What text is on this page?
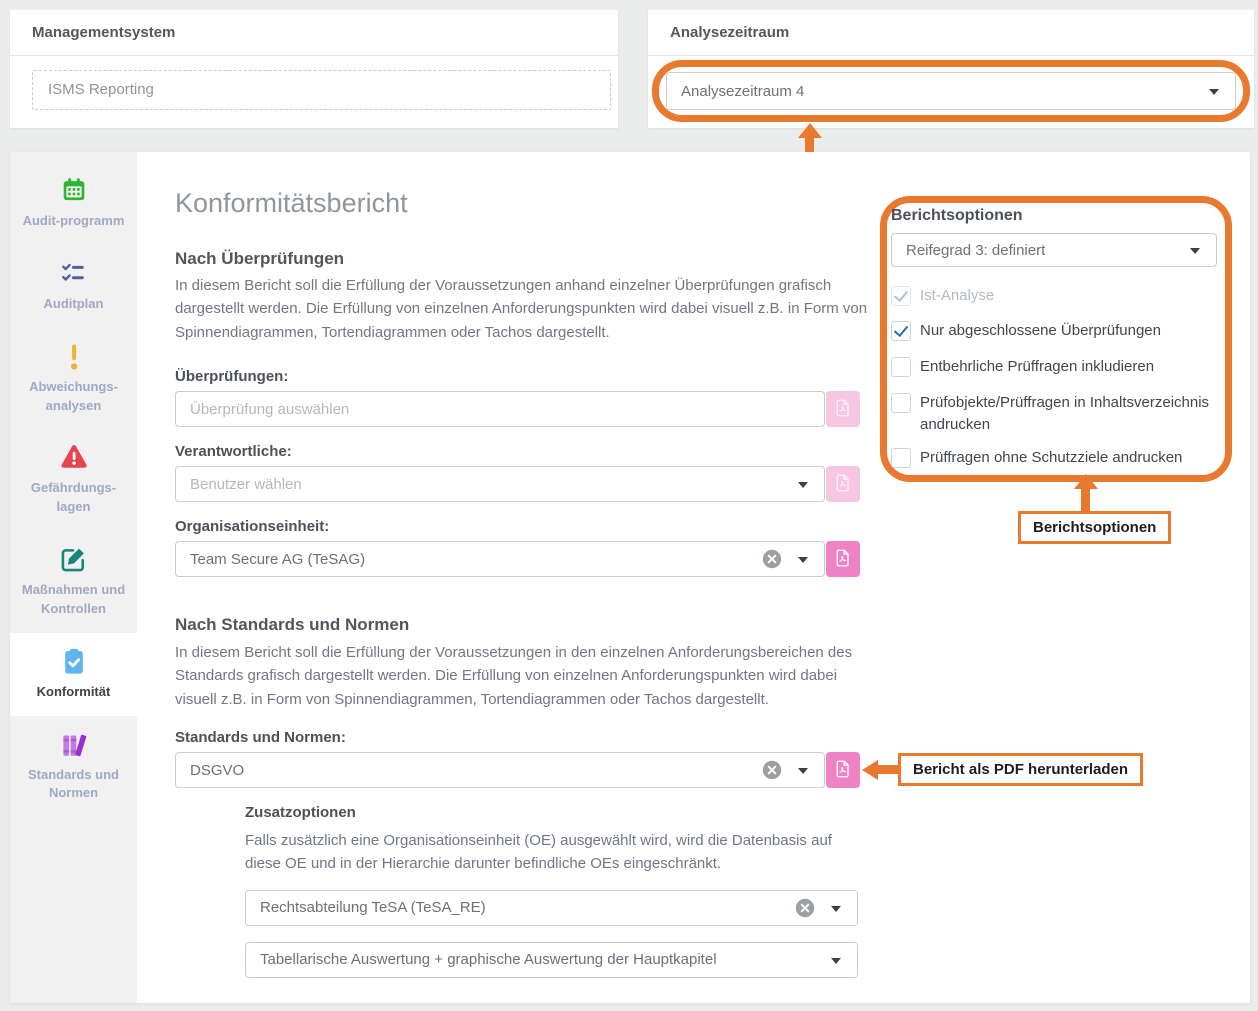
Managementsystem
ISMS Reporting
Analysezeitraum
Analysezeitraum 4
Audit-programm
Auditplan
Abweichungs-analysen
Gefährdungs-lagen
Maßnahmen und Kontrollen
Konformität
Standards und Normen
Konformitätsbericht
Nach Überprüfungen

In diesem Bericht soll die Erfüllung der Voraussetzungen anhand einzelner Überprüfungen grafisch dargestellt werden. Die Erfüllung von einzelnen Anforderungspunkten wird dabei visuell z.B. in Form von Spinnendiagrammen, Tortendiagrammen oder Tachos dargestellt.

Überprüfungen:
Überprüfung auswählen
Verantwortliche:
Benutzer wählen
Organisationseinheit:
Team Secure AG (TeSAG)
Nach Standards und Normen

In diesem Bericht soll die Erfüllung der Voraussetzungen in den einzelnen Anforderungsbereichen des Standards grafisch dargestellt werden. Die Erfüllung von einzelnen Anforderungspunkten wird dabei visuell z.B. in Form von Spinnendiagrammen, Tortendiagrammen oder Tachos dargestellt.

Standards und Normen:
DSGVO	Bericht als PDF herunterladen
Zusatzoptionen

Falls zusätzlich eine Organisationseinheit (OE) ausgewählt wird, wird die Datenbasis auf diese OE und in der Hierarchie darunter befindliche OEs eingeschränkt.

Rechtsabteilung TeSA (TeSA_RE)
Tabellarische Auswertung + graphische Auswertung der Hauptkapitel
Berichtsoptionen
Reifegrad 3: definiert
Ist-Analyse
Nur abgeschlossene Überprüfungen
Entbehrliche Prüffragen inkludieren
Prüfobjekte/Prüffragen in Inhaltsverzeichnis andrucken
Prüffragen ohne Schutzziele andrucken
Berichtsoptionen
